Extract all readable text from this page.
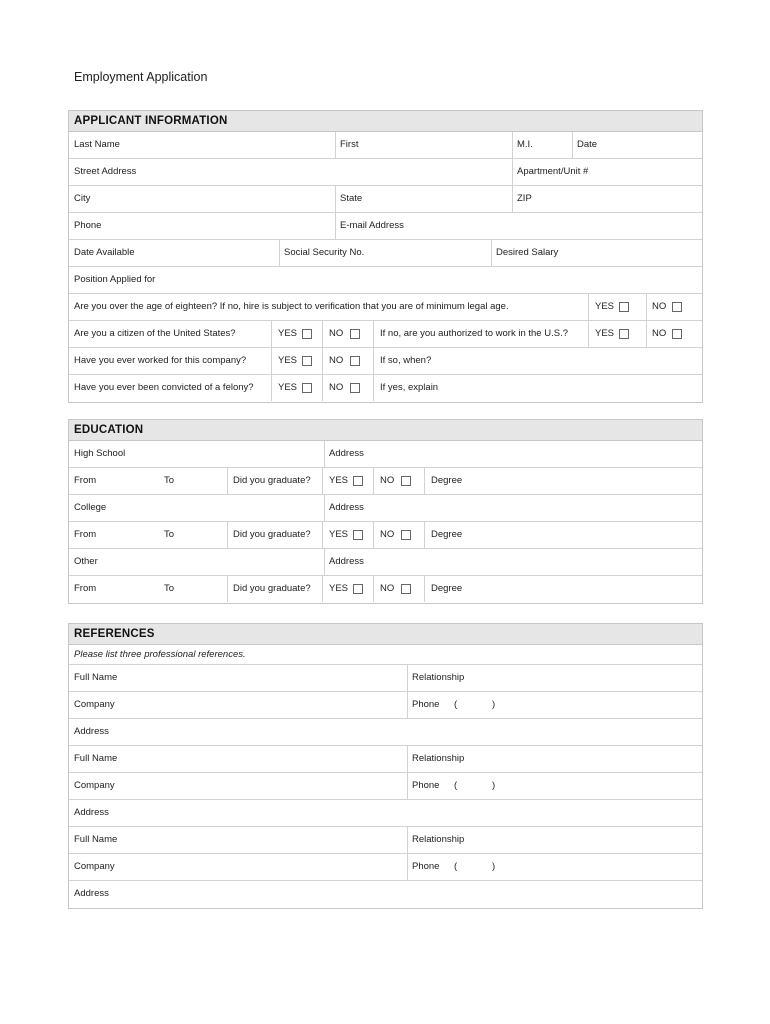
Employment Application
APPLICANT INFORMATION
Last Name	First	M.I.	Date
Street Address	Apartment/Unit #
City	State	ZIP
Phone	E-mail Address
Date Available	Social Security No.	Desired Salary
Position Applied for
Are you over the age of eighteen? If no, hire is subject to verification that you are of minimum legal age.	YES	NO
Are you a citizen of the United States?	YES	NO	If no, are you authorized to work in the U.S.?	YES	NO
Have you ever worked for this company?	YES	NO	If so, when?
Have you ever been convicted of a felony?	YES	NO	If yes, explain
EDUCATION
High School	Address
From	To	Did you graduate? YES	NO	Degree
College	Address
From	To	Did you graduate? YES	NO	Degree
Other	Address
From	To	Did you graduate? YES	NO	Degree
REFERENCES
Please list three professional references.
Full Name	Relationship
Company	Phone (	)
Address
Full Name	Relationship
Company	Phone (	)
Address
Full Name	Relationship
Company	Phone (	)
Address
